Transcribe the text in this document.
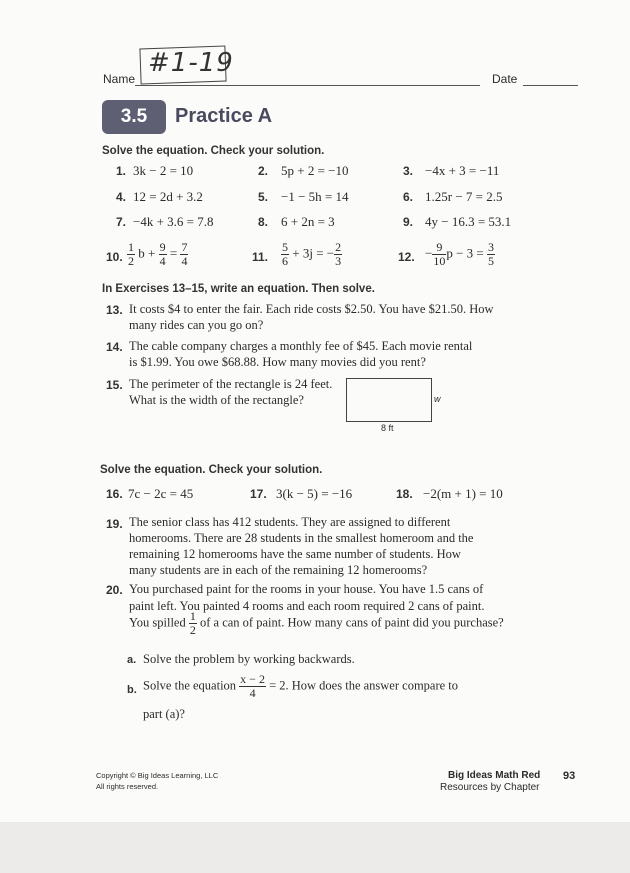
Name
#1-19
Date
3.5	Practice A
Solve the equation. Check your solution.
1. 3k − 2 = 10	2. 5p + 2 = −10	3. −4x + 3 = −11
4. 12 = 2d + 3.2	5. −1 − 5h = 14	6. 1.25r − 7 = 2.5
7. −4k + 3.6 = 7.8	8. 6 + 2n = 3	9. 4y − 16.3 = 53.1
10. $\frac{1}{2}$ $b + \frac{9}{4} = \frac{7}{4}$	11. $\frac{5}{6} + 3j$ = − $\frac{2}{3}$	12. − $\frac{9}{10}$ $p - 3 = \frac{3}{5}$
In Exercises 13–15, write an equation. Then solve.
13. It costs $4 to enter the fair. Each ride costs $2.50. You have $21.50. How many rides can you go on?
14. The cable company charges a monthly fee of $45. Each movie rental is $1.99. You owe $68.88. How many movies did you rent?
15. The perimeter of the rectangle is 24 feet. What is the width of the rectangle?	w
8 ft
Solve the equation. Check your solution.
16. 7c − 2c = 45	17. 3(k − 5) = −16	18. −2(m + 1) = 10
19. The senior class has 412 students. They are assigned to different homerooms. There are 28 students in the smallest homeroom and the remaining 12 homerooms have the same number of students. How many students are in each of the remaining 12 homerooms?
20. You purchased paint for the rooms in your house. You have 1.5 cans of
paint left. You painted 4 rooms and each room required 2 cans of paint.
You spilled $\frac{1}{2}$ of a can of paint. How many cans of paint did you purchase?
a. Solve the problem by working backwards.
b. Solve the equation $\frac{x - 2}{4} = 2$. How does the answer compare to
part (a)?
Copyright © Big Ideas Learning, LLC
All rights reserved.
Big Ideas Math Red
Resources by Chapter
93
